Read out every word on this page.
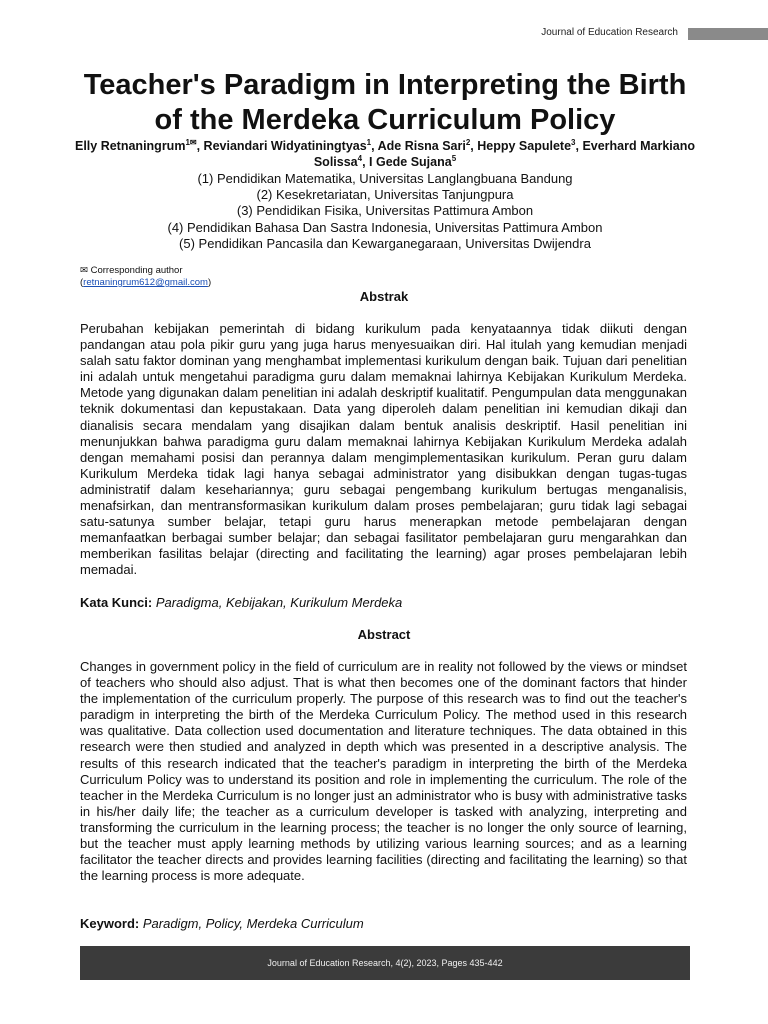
Journal of Education Research
Teacher's Paradigm in Interpreting the Birth of the Merdeka Curriculum Policy
Elly Retnaningrum$^{1✉}$, Reviandari Widyatiningtyas$^1$, Ade Risna Sari$^2$, Heppy Sapulete$^3$, Everhard Markiano Solissa$^4$, I Gede Sujana$^5$
(1) Pendidikan Matematika, Universitas Langlangbuana Bandung
(2) Kesekretariatan, Universitas Tanjungpura
(3) Pendidikan Fisika, Universitas Pattimura Ambon
(4) Pendidikan Bahasa Dan Sastra Indonesia, Universitas Pattimura Ambon
(5) Pendidikan Pancasila dan Kewarganegaraan, Universitas Dwijendra
✉ Corresponding author
(retnaningrum612@gmail.com)
Abstrak

Perubahan kebijakan pemerintah di bidang kurikulum pada kenyataannya tidak diikuti dengan pandangan atau pola pikir guru yang juga harus menyesuaikan diri. Hal itulah yang kemudian menjadi salah satu faktor dominan yang menghambat implementasi kurikulum dengan baik. Tujuan dari penelitian ini adalah untuk mengetahui paradigma guru dalam memaknai lahirnya Kebijakan Kurikulum Merdeka. Metode yang digunakan dalam penelitian ini adalah deskriptif kualitatif. Pengumpulan data menggunakan teknik dokumentasi dan kepustakaan. Data yang diperoleh dalam penelitian ini kemudian dikaji dan dianalisis secara mendalam yang disajikan dalam bentuk analisis deskriptif. Hasil penelitian ini menunjukkan bahwa paradigma guru dalam memaknai lahirnya Kebijakan Kurikulum Merdeka adalah dengan memahami posisi dan perannya dalam mengimplementasikan kurikulum. Peran guru dalam Kurikulum Merdeka tidak lagi hanya sebagai administrator yang disibukkan dengan tugas-tugas administratif dalam kesehariannya; guru sebagai pengembang kurikulum bertugas menganalisis, menafsirkan, dan mentransformasikan kurikulum dalam proses pembelajaran; guru tidak lagi sebagai satu-satunya sumber belajar, tetapi guru harus menerapkan metode pembelajaran dengan memanfaatkan berbagai sumber belajar; dan sebagai fasilitator pembelajaran guru mengarahkan dan memberikan fasilitas belajar (directing and facilitating the learning) agar proses pembelajaran lebih memadai.

Kata Kunci: Paradigma, Kebijakan, Kurikulum Merdeka
Abstract

Changes in government policy in the field of curriculum are in reality not followed by the views or mindset of teachers who should also adjust. That is what then becomes one of the dominant factors that hinder the implementation of the curriculum properly. The purpose of this research was to find out the teacher's paradigm in interpreting the birth of the Merdeka Curriculum Policy. The method used in this research was qualitative. Data collection used documentation and literature techniques. The data obtained in this research were then studied and analyzed in depth which was presented in a descriptive analysis. The results of this research indicated that the teacher's paradigm in interpreting the birth of the Merdeka Curriculum Policy was to understand its position and role in implementing the curriculum. The role of the teacher in the Merdeka Curriculum is no longer just an administrator who is busy with administrative tasks in his/her daily life; the teacher as a curriculum developer is tasked with analyzing, interpreting and transforming the curriculum in the learning process; the teacher is no longer the only source of learning, but the teacher must apply learning methods by utilizing various learning sources; and as a learning facilitator the teacher directs and provides learning facilities (directing and facilitating the learning) so that the learning process is more adequate.

Keyword: Paradigm, Policy, Merdeka Curriculum
Journal of Education Research, 4(2), 2023, Pages 435-442
